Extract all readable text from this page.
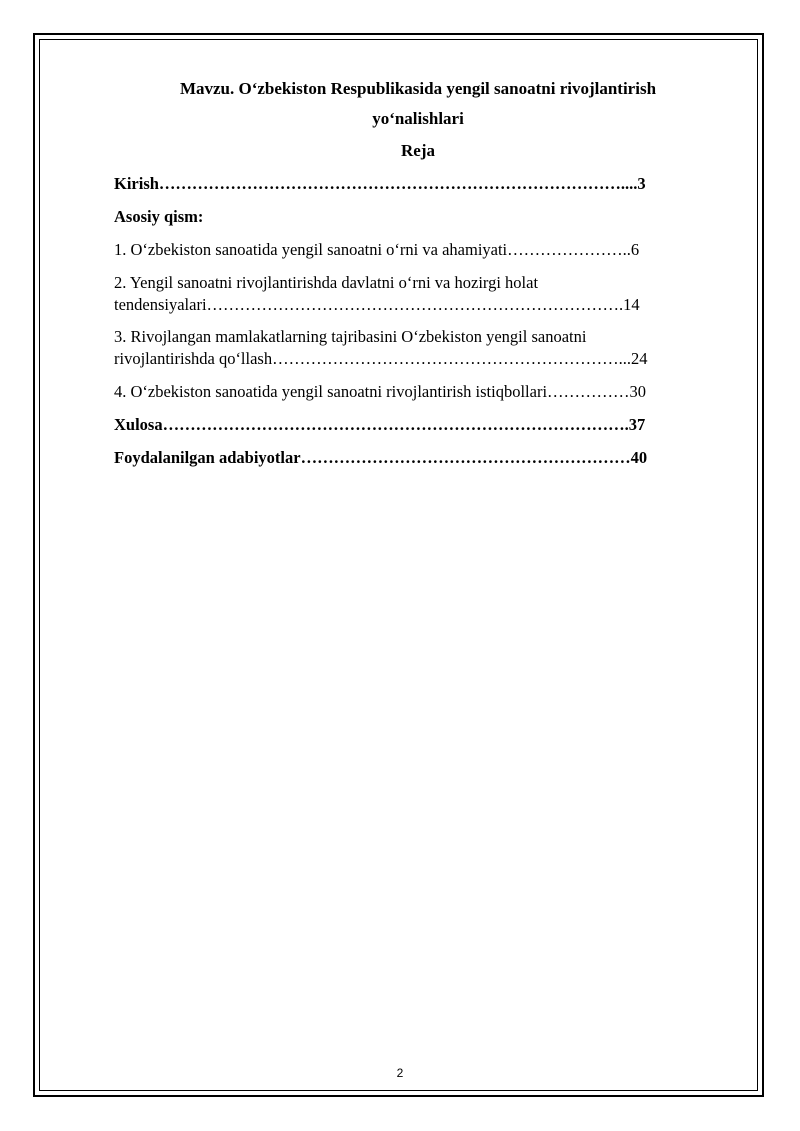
Mavzu. O‘zbekiston Respublikasida yengil sanoatni rivojlantirish
yo‘nalishlari
Reja
Kirish…………………………………………………………………………....3
Asosiy qism:
1. O‘zbekiston sanoatida yengil sanoatni o‘rni va ahamiyati…………………..6
2. Yengil sanoatni rivojlantirishda davlatni o‘rni va hozirgi holat
tendensiyalari………………………………………………………………….14
3. Rivojlangan mamlakatlarning tajribasini O‘zbekiston yengil sanoatni
rivojlantirishda qo‘llash………………………………………………………...24
4. O‘zbekiston sanoatida yengil sanoatni rivojlantirish istiqbollari……………30
Xulosa………………………………………………………………………….37
Foydalanilgan adabiyotlar……………………………………………………40
2
